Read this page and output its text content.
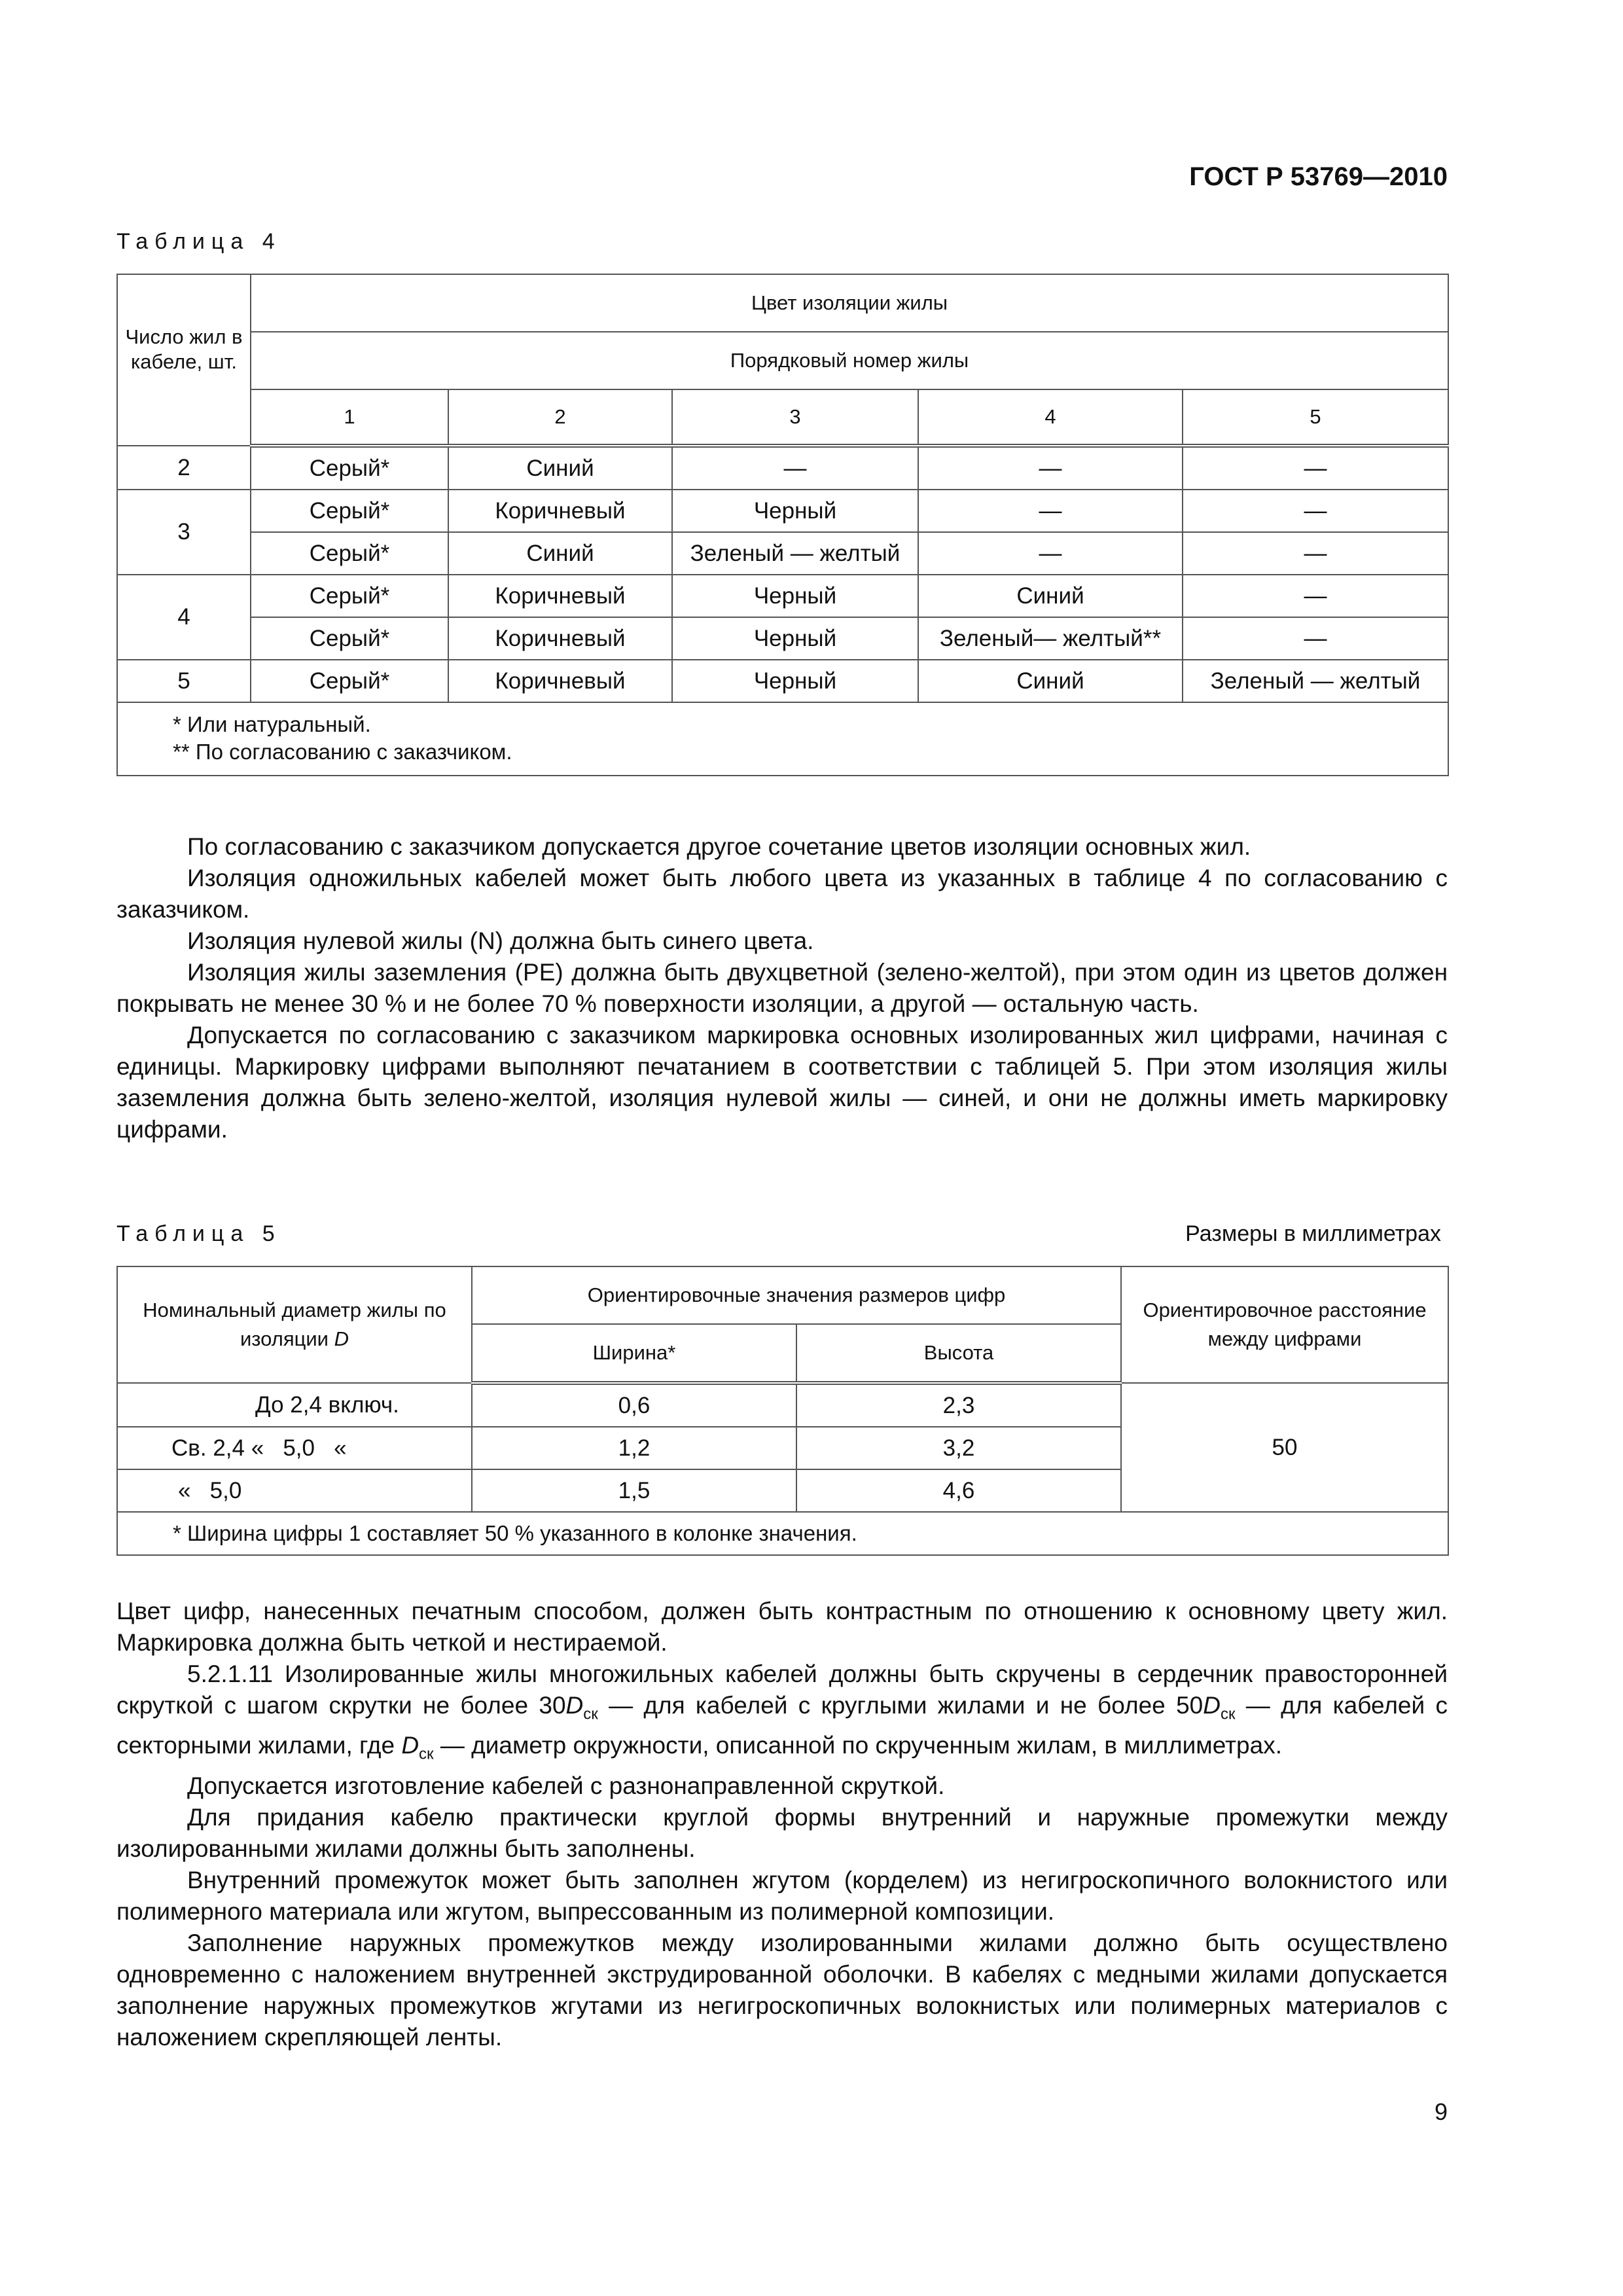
ГОСТ Р 53769—2010
Таблица 4
Число жил в кабеле, шт.	Цвет изоляции жилы				
	Порядковый номер жилы				
	1	2	3	4	5
2	Серый*	Синий	—	—	—
3	Серый*	Коричневый	Черный	—	—
	Серый*	Синий	Зеленый — желтый	—	—
4	Серый*	Коричневый	Черный	Синий	—
	Серый*	Коричневый	Черный	Зеленый— желтый**	—
5	Серый*	Коричневый	Черный	Синий	Зеленый — желтый

* Или натуральный.
** По согласованию с заказчиком.					

По согласованию с заказчиком допускается другое сочетание цветов изоляции основных жил.

Изоляция одножильных кабелей может быть любого цвета из указанных в таблице 4 по согласованию с заказчиком.

Изоляция нулевой жилы (N) должна быть синего цвета.

Изоляция жилы заземления (РЕ) должна быть двухцветной (зелено-желтой), при этом один из цветов должен покрывать не менее 30 % и не более 70 % поверхности изоляции, а другой — остальную часть.

Допускается по согласованию с заказчиком маркировка основных изолированных жил цифрами, начиная с единицы. Маркировку цифрами выполняют печатанием в соответствии с таблицей 5. При этом изоляция жилы заземления должна быть зелено-желтой, изоляция нулевой жилы — синей, и они не должны иметь маркировку цифрами.

Таблица 5	Размеры в миллиметрах
Номинальный диаметр жилы по изоляции D	Ориентировочные значения размеров цифр		Ориентировочное расстояние между цифрами
	Ширина*	Высота	
До 2,4 включ.	0,6	2,3	50
Св. 2,4 «   5,0   «	1,2	3,2	
«   5,0	1,5	4,6	
* Ширина цифры 1 составляет 50 % указанного в колонке значения.			

Цвет цифр, нанесенных печатным способом, должен быть контрастным по отношению к основному цвету жил. Маркировка должна быть четкой и нестираемой.

5.2.1.11 Изолированные жилы многожильных кабелей должны быть скручены в сердечник правосторонней скруткой с шагом скрутки не более $30D_{ск}$ — для кабелей с круглыми жилами и не более $50D_{ск}$ — для кабелей с секторными жилами, где $D_{ск}$ — диаметр окружности, описанной по скрученным жилам, в миллиметрах.

Допускается изготовление кабелей с разнонаправленной скруткой.

Для придания кабелю практически круглой формы внутренний и наружные промежутки между изолированными жилами должны быть заполнены.

Внутренний промежуток может быть заполнен жгутом (корделем) из негигроскопичного волокнистого или полимерного материала или жгутом, выпрессованным из полимерной композиции.

Заполнение наружных промежутков между изолированными жилами должно быть осуществлено одновременно с наложением внутренней экструдированной оболочки. В кабелях с медными жилами допускается заполнение наружных промежутков жгутами из негигроскопичных волокнистых или полимерных материалов с наложением скрепляющей ленты.

9
